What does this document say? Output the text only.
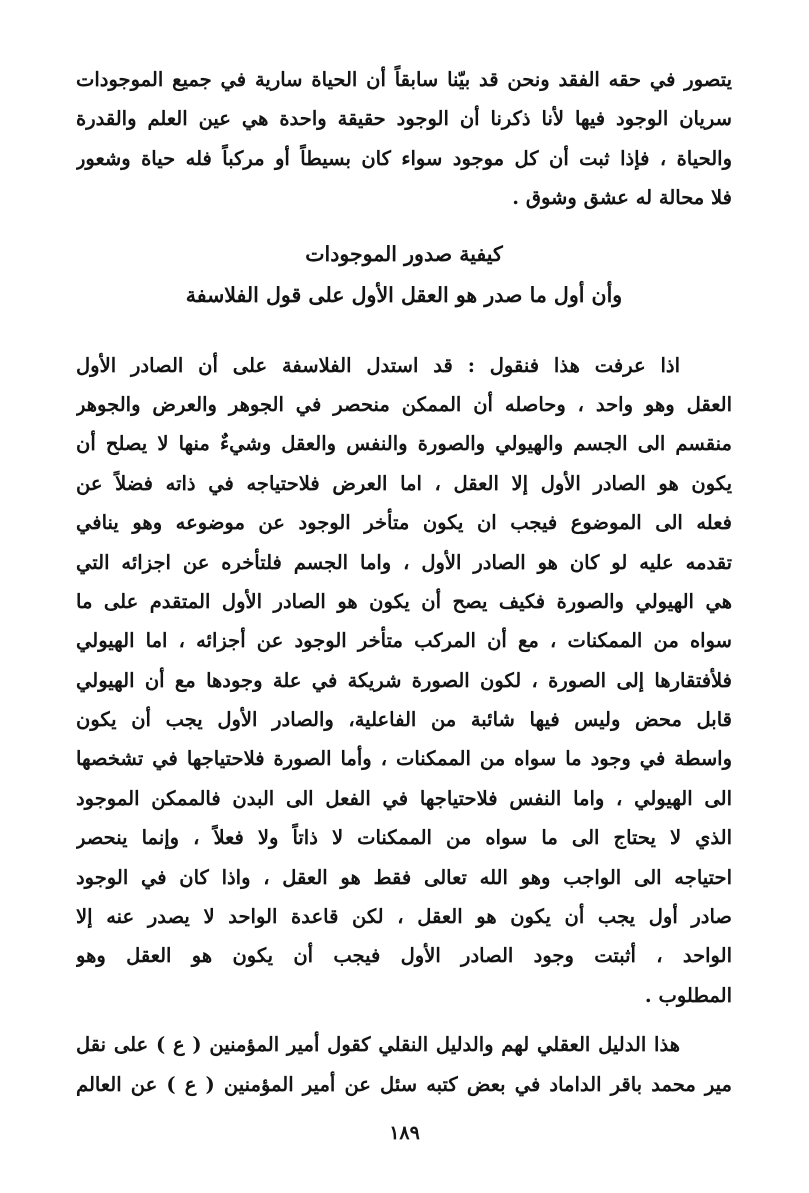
يتصور في حقه الفقد ونحن قد بيّنا سابقاً أن الحياة سارية في جميع الموجودات
سريان الوجود فيها لأنا ذكرنا أن الوجود حقيقة واحدة هي عين العلم والقدرة
والحياة ، فإذا ثبت أن كل موجود سواء كان بسيطاً أو مركباً فله حياة وشعور
فلا محالة له عشق وشوق .
كيفية صدور الموجودات
وأن أول ما صدر هو العقل الأول على قول الفلاسفة
اذا عرفت هذا فنقول : قد استدل الفلاسفة على أن الصادر الأول
العقل وهو واحد ، وحاصله أن الممكن منحصر في الجوهر والعرض والجوهر
منقسم الى الجسم والهيولي والصورة والنفس والعقل وشيءٌ منها لا يصلح أن
يكون هو الصادر الأول إلا العقل ، اما العرض فلاحتياجه في ذاته فضلاً عن
فعله الى الموضوع فيجب ان يكون متأخر الوجود عن موضوعه وهو ينافي
تقدمه عليه لو كان هو الصادر الأول ، واما الجسم فلتأخره عن اجزائه التي
هي الهيولي والصورة فكيف يصح أن يكون هو الصادر الأول المتقدم على ما
سواه من الممكنات ، مع أن المركب متأخر الوجود عن أجزائه ، اما الهيولي
فلأفتقارها إلى الصورة ، لكون الصورة شريكة في علة وجودها مع أن الهيولي
قابل محض وليس فيها شائبة من الفاعلية، والصادر الأول يجب أن يكون
واسطة في وجود ما سواه من الممكنات ، وأما الصورة فلاحتياجها في تشخصها
الى الهيولي ، واما النفس فلاحتياجها في الفعل الى البدن فالممكن الموجود
الذي لا يحتاج الى ما سواه من الممكنات لا ذاتاً ولا فعلاً ، وإنما ينحصر
احتياجه الى الواجب وهو الله تعالى فقط هو العقل ، واذا كان في الوجود
صادر أول يجب أن يكون هو العقل ، لكن قاعدة الواحد لا يصدر عنه إلا
الواحد ، أثبتت وجود الصادر الأول فيجب أن يكون هو العقل وهو
المطلوب .
هذا الدليل العقلي لهم والدليل النقلي كقول أمير المؤمنين ( ع ) على نقل
مير محمد باقر الداماد في بعض كتبه سئل عن أمير المؤمنين ( ع ) عن العالم
١٨٩
